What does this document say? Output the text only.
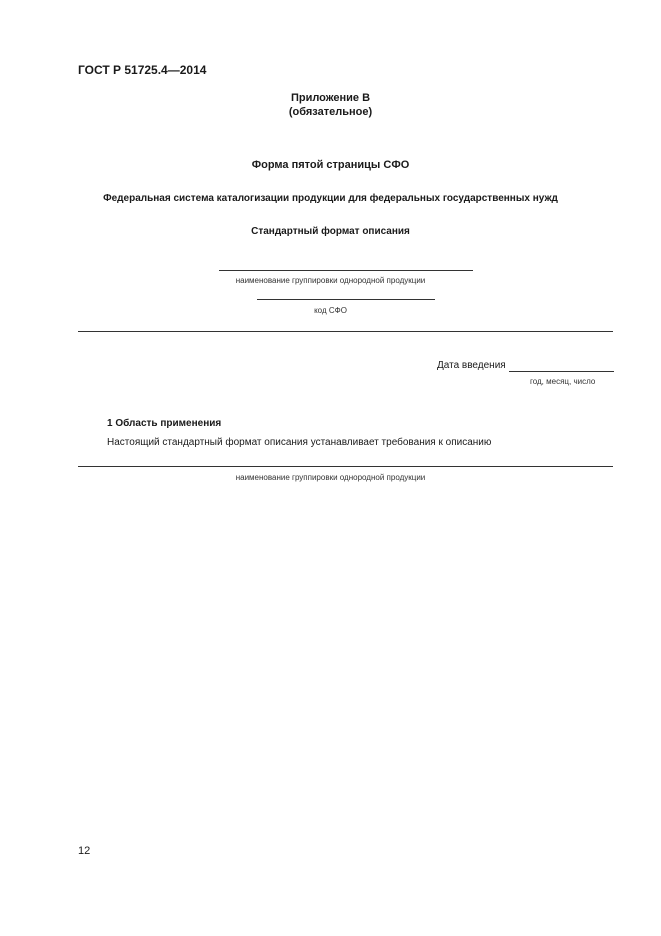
ГОСТ Р 51725.4—2014
Приложение В
(обязательное)
Форма пятой страницы СФО
Федеральная система каталогизации продукции для федеральных государственных нужд
Стандартный формат описания
наименование группировки однородной продукции
код СФО
Дата введения
год, месяц, число
1 Область применения
Настоящий стандартный формат описания устанавливает требования к описанию
наименование группировки однородной продукции
12
